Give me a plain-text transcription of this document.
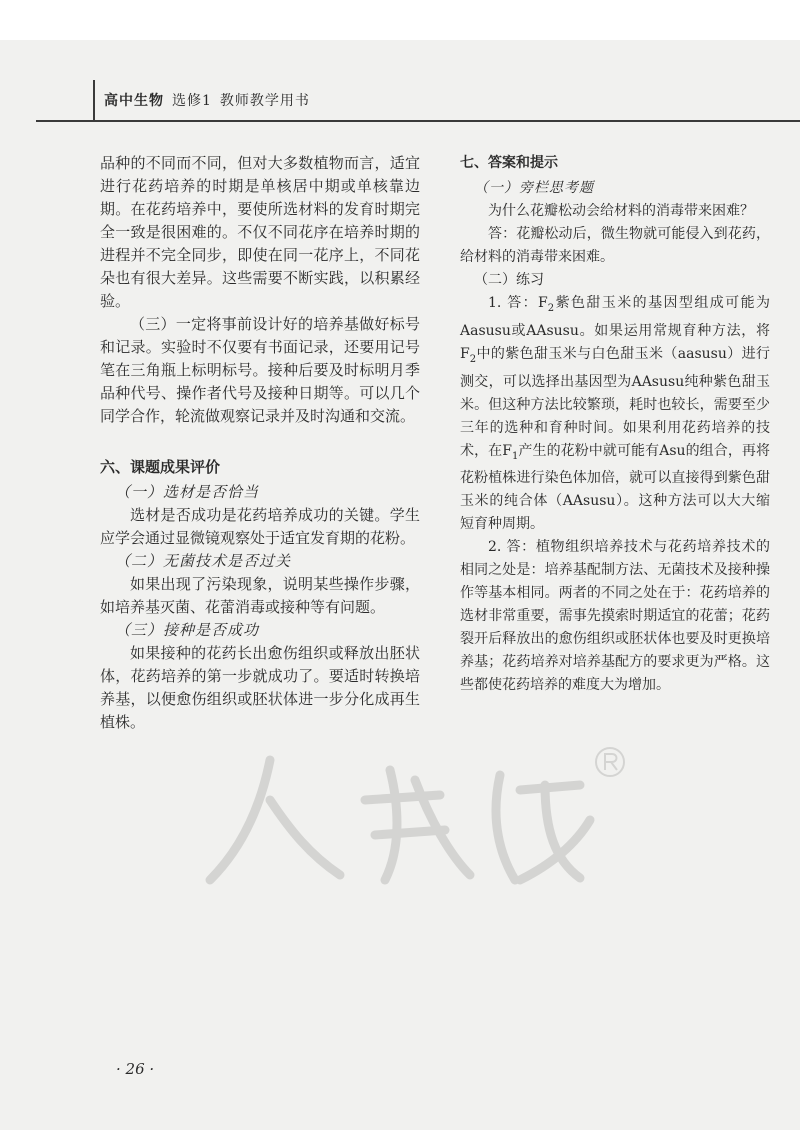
高中生物 选修1 教师教学用书

品种的不同而不同，但对大多数植物而言，适宜进行花药培养的时期是单核居中期或单核靠边期。在花药培养中，要使所选材料的发育时期完全一致是很困难的。不仅不同花序在培养时期的进程并不完全同步，即使在同一花序上，不同花朵也有很大差异。这些需要不断实践，以积累经验。

（三）一定将事前设计好的培养基做好标号和记录。实验时不仅要有书面记录，还要用记号笔在三角瓶上标明标号。接种后要及时标明月季品种代号、操作者代号及接种日期等。可以几个同学合作，轮流做观察记录并及时沟通和交流。

六、课题成果评价

（一）选材是否恰当

选材是否成功是花药培养成功的关键。学生应学会通过显微镜观察处于适宜发育期的花粉。

（二）无菌技术是否过关

如果出现了污染现象，说明某些操作步骤，如培养基灭菌、花蕾消毒或接种等有问题。

（三）接种是否成功

如果接种的花药长出愈伤组织或释放出胚状体，花药培养的第一步就成功了。要适时转换培养基，以便愈伤组织或胚状体进一步分化成再生植株。

七、答案和提示

（一）旁栏思考题

为什么花瓣松动会给材料的消毒带来困难？

答：花瓣松动后，微生物就可能侵入到花药，给材料的消毒带来困难。

（二）练习

1. 答：$F_2$紫色甜玉米的基因型组成可能为Aasusu或AAsusu。如果运用常规育种方法，将$F_2$中的紫色甜玉米与白色甜玉米（aasusu）进行测交，可以选择出基因型为AAsusu纯种紫色甜玉米。但这种方法比较繁琐，耗时也较长，需要至少三年的选种和育种时间。如果利用花药培养的技术，在$F_1$产生的花粉中就可能有Asu的组合，再将花粉植株进行染色体加倍，就可以直接得到紫色甜玉米的纯合体（AAsusu）。这种方法可以大大缩短育种周期。

2. 答：植物组织培养技术与花药培养技术的相同之处是：培养基配制方法、无菌技术及接种操作等基本相同。两者的不同之处在于：花药培养的选材非常重要，需事先摸索时期适宜的花蕾；花药裂开后释放出的愈伤组织或胚状体也要及时更换培养基；花药培养对培养基配方的要求更为严格。这些都使花药培养的难度大为增加。

· 26 ·
